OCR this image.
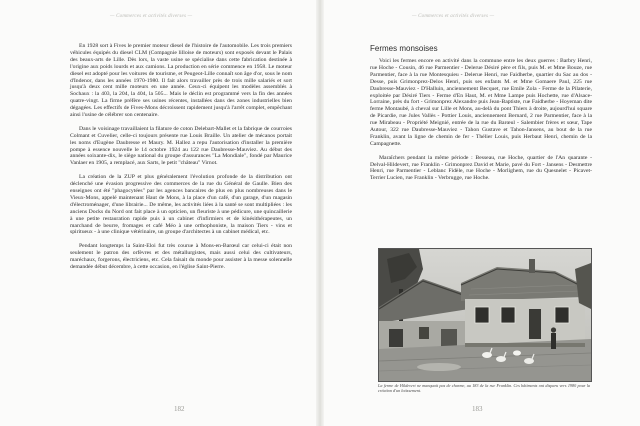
— Commerces et activités diverses —

En 1928 sort à Fives le premier moteur diesel de l'histoire de l'automobile. Les trois premiers véhicules équipés du diesel CLM (Compagnie lilloise de moteurs) sont exposés devant le Palais des beaux-arts de Lille. Dès lors, la vaste usine se spécialise dans cette fabrication destinée à l'origine aux poids lourds et aux camions. La production en série commence en 1958. Le moteur diesel est adopté pour les voitures de tourisme, et Peugeot-Lille connaît son âge d'or, sous le nom d'Indenor, dans les années 1970-1980. Il fait alors travailler près de trois mille salariés et sort jusqu'à deux cent mille moteurs en une année. Ceux-ci équipent les modèles assemblés à Sochaux : la 403, la 204, la 404, la 505... Mais le déclin est programmé vers la fin des années quatre-vingt. La firme préfère ses usines récentes, installées dans des zones industrielles bien dégagées. Les effectifs de Fives-Mons décroissent rapidement jusqu'à l'arrêt complet, empêchant ainsi l'usine de célébrer son centenaire.

Dans le voisinage travaillaient la filature de coton Delebart-Mallet et la fabrique de courroies Colmant et Cuvelier, celle-ci toujours présente rue Louis Braille. Un atelier de mécanos portait les noms d'Eugène Daubresse et Maury. M. Hallez a repu l'autorisation d'installer la première pompe à essence nouvelle le 14 octobre 1924 au 122 rue Daubresse-Mauviez. Au début des années soixante-dix, le siège national du groupe d'assurances "La Mondiale", fondé par Maurice Vanlaer en 1905, a remplacé, aux Sarts, le petit "château" Virnot.

La création de la ZUP et plus généralement l'évolution profonde de la distribution ont déclenché une évasion progressive des commerces de la rue du Général de Gaulle. Bien des enseignes ont été "phagocytées" par les agences bancaires de plus en plus nombreuses dans le Vieux-Mons, appelé maintenant Haut de Mons, à la place d'un café, d'un garage, d'un magasin d'électroménager, d'une librairie... De même, les activités liées à la santé se sont multipliées : les anciens Docks du Nord ont fait place à un opticien, un fleuriste à une pédicure, une quincaillerie à une petite restauration rapide puis à un cabinet d'infirmiers et de kinésithérapeutes, un marchand de beurre, fromages et café Méo à une orthophoniste, la maison Tiers - vins et spiritueux - à une clinique vétérinaire, un groupe d'architectes à un cabinet médical, etc.

Pendant longtemps la Saint-Eloi fut très courue à Mons-en-Barœul car celui-ci était non seulement le patron des orfèvres et des métallurgistes, mais aussi celui des cultivateurs, maréchaux, forgerons, électriciens, etc. Cela faisait du monde pour assister à la messe solennelle demandée début décembre, à cette occasion, en l'église Saint-Pierre.

182
— Commerces et activités diverses —
Fermes monsoises

Voici les fermes encore en activité dans la commune entre les deux guerres : Barbry Henri, rue Hoche - Cousin, 46 rue Parmentier - Delerue Désiré père et fils, puis M. et Mme Bouze, rue Parmentier, face à la rue Montesquieu - Delerue Henri, rue Faidherbe, quartier du Sac au dos - Desse, puis Grimonprez-Delos Henri, puis ses enfants M. et Mme Gomaere Paul, 225 rue Daubresse-Mauviez - D'Halluin, anciennement Becquet, rue Emile Zola - Ferme de la Pilaterie, exploitée par Désiré Tiers - Ferme d'En Haut, M. et Mme Lampe puis Hochette, rue d'Alsace-Lorraine, près du fort - Grimonprez Alexandre puis Jean-Baptiste, rue Faidherbe - Hoyeman dite ferme Montaubé, à cheval sur Lille et Mons, au-delà du pont Thiers à droite, aujourd'hui square de Picardie, rue Jules Vallès - Pottier Louis, anciennement Bernard, 2 rue Parmentier, face à la rue Mirabeau - Propriété Meignié, entrée de la rue du Barœul - Salembier frères et sœur, Tape Autour, 322 rue Daubresse-Mauviez - Tahon Gustave et Tahon-Jansens, au bout de la rue Franklin, avant la ligne de chemin de fer - Thélier Louis, puis Herbaut Henri, chemin de la Campagnette.

Maraîchers pendant la même période : Besseau, rue Hoche, quartier de l'An quarante - Delval-Hildevert, rue Franklin - Grimonprez David et Marie, pavé du Fort - Jansens - Desmettre Henri, rue Parmentier - Leblanc Fidèle, rue Hoche - Morlighem, rue du Quesnelet - Picavet-Terrier Lucien, rue Franklin - Verbrugge, rue Hoche.

La ferme de Hildevert ne manquait pas de charme, au 183 de la rue Franklin. Ces bâtiments ont disparu vers 1980 pour la création d'un lotissement.
183
